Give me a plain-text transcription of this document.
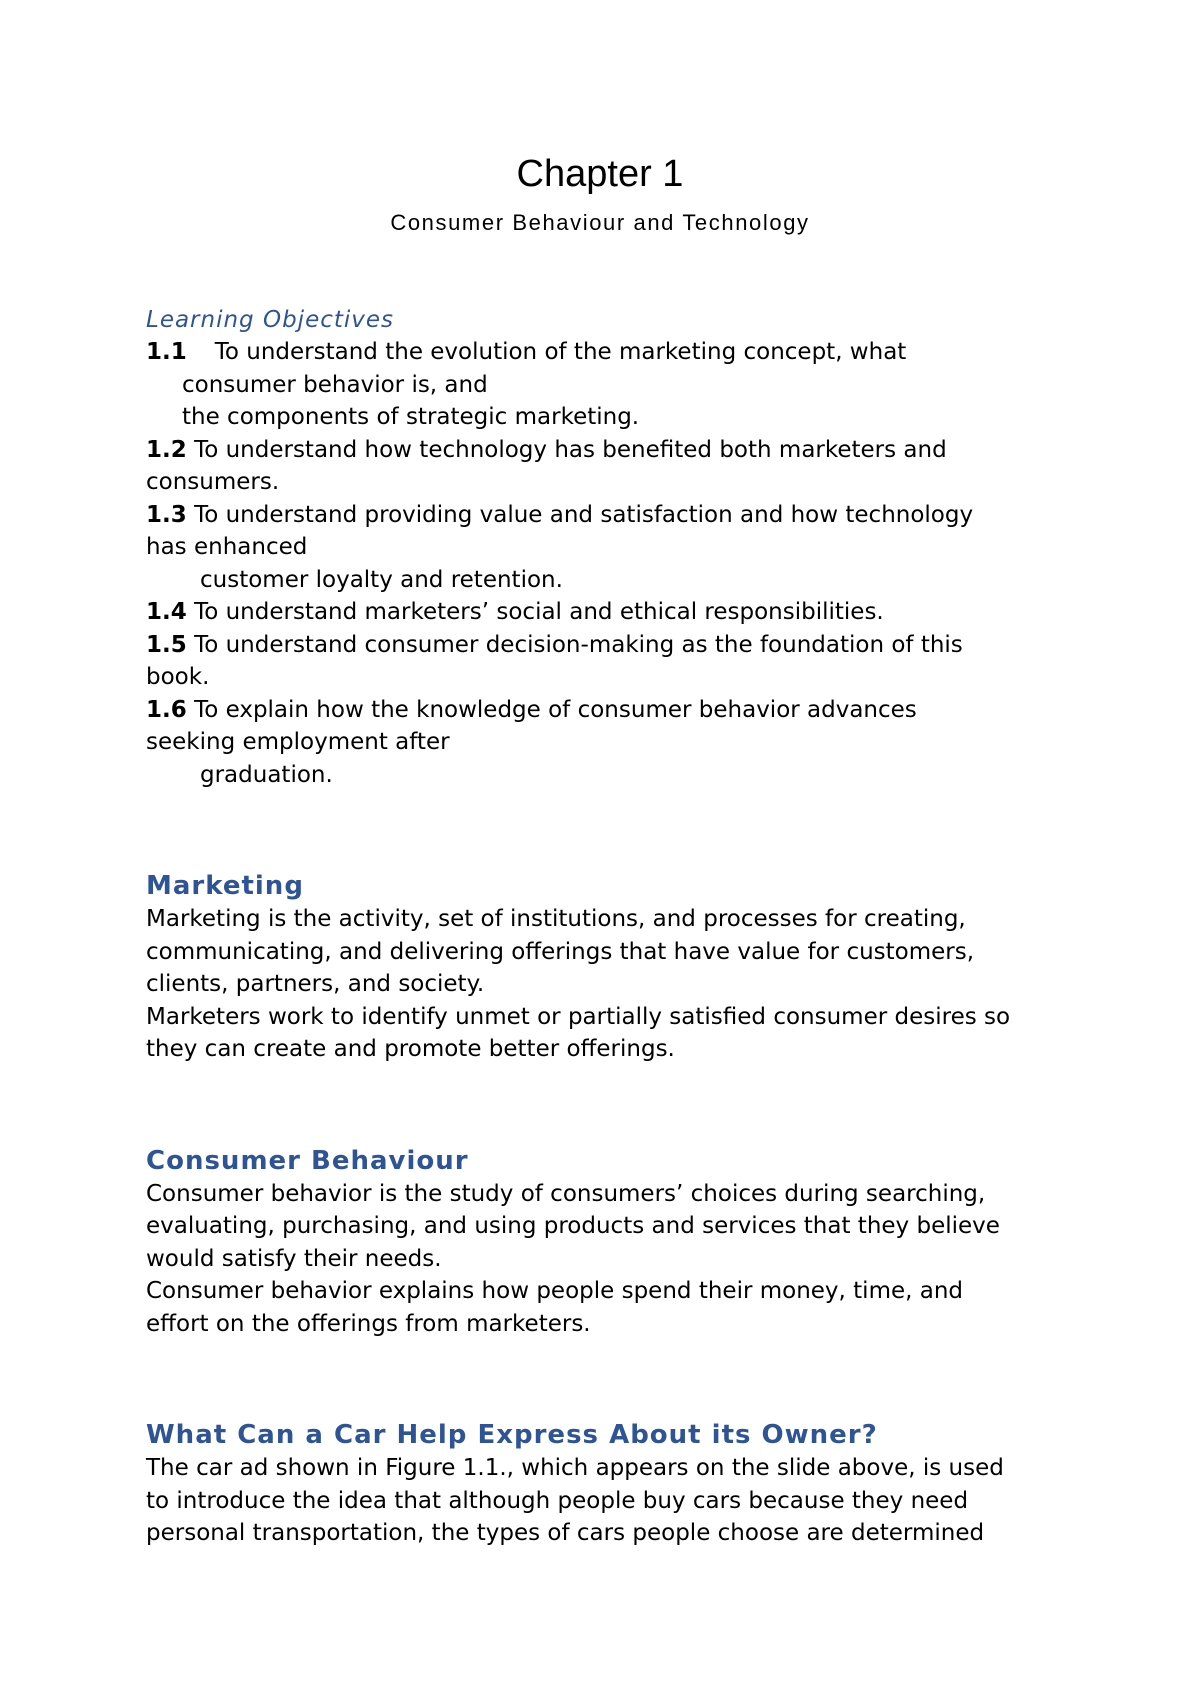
Chapter 1
Consumer Behaviour and Technology

Learning Objectives

1.1 To understand the evolution of the marketing concept, what
consumer behavior is, and
the components of strategic marketing.

1.2 To understand how technology has benefited both marketers and
consumers.

1.3 To understand providing value and satisfaction and how technology
has enhanced
customer loyalty and retention.

1.4 To understand marketers’ social and ethical responsibilities.

1.5 To understand consumer decision-making as the foundation of this
book.

1.6 To explain how the knowledge of consumer behavior advances
seeking employment after
graduation.

Marketing

Marketing is the activity, set of institutions, and processes for creating,
communicating, and delivering offerings that have value for customers,
clients, partners, and society.
Marketers work to identify unmet or partially satisfied consumer desires so
they can create and promote better offerings.

Consumer Behaviour

Consumer behavior is the study of consumers’ choices during searching,
evaluating, purchasing, and using products and services that they believe
would satisfy their needs.
Consumer behavior explains how people spend their money, time, and
effort on the offerings from marketers.

What Can a Car Help Express About its Owner?

The car ad shown in Figure 1.1., which appears on the slide above, is used
to introduce the idea that although people buy cars because they need
personal transportation, the types of cars people choose are determined
